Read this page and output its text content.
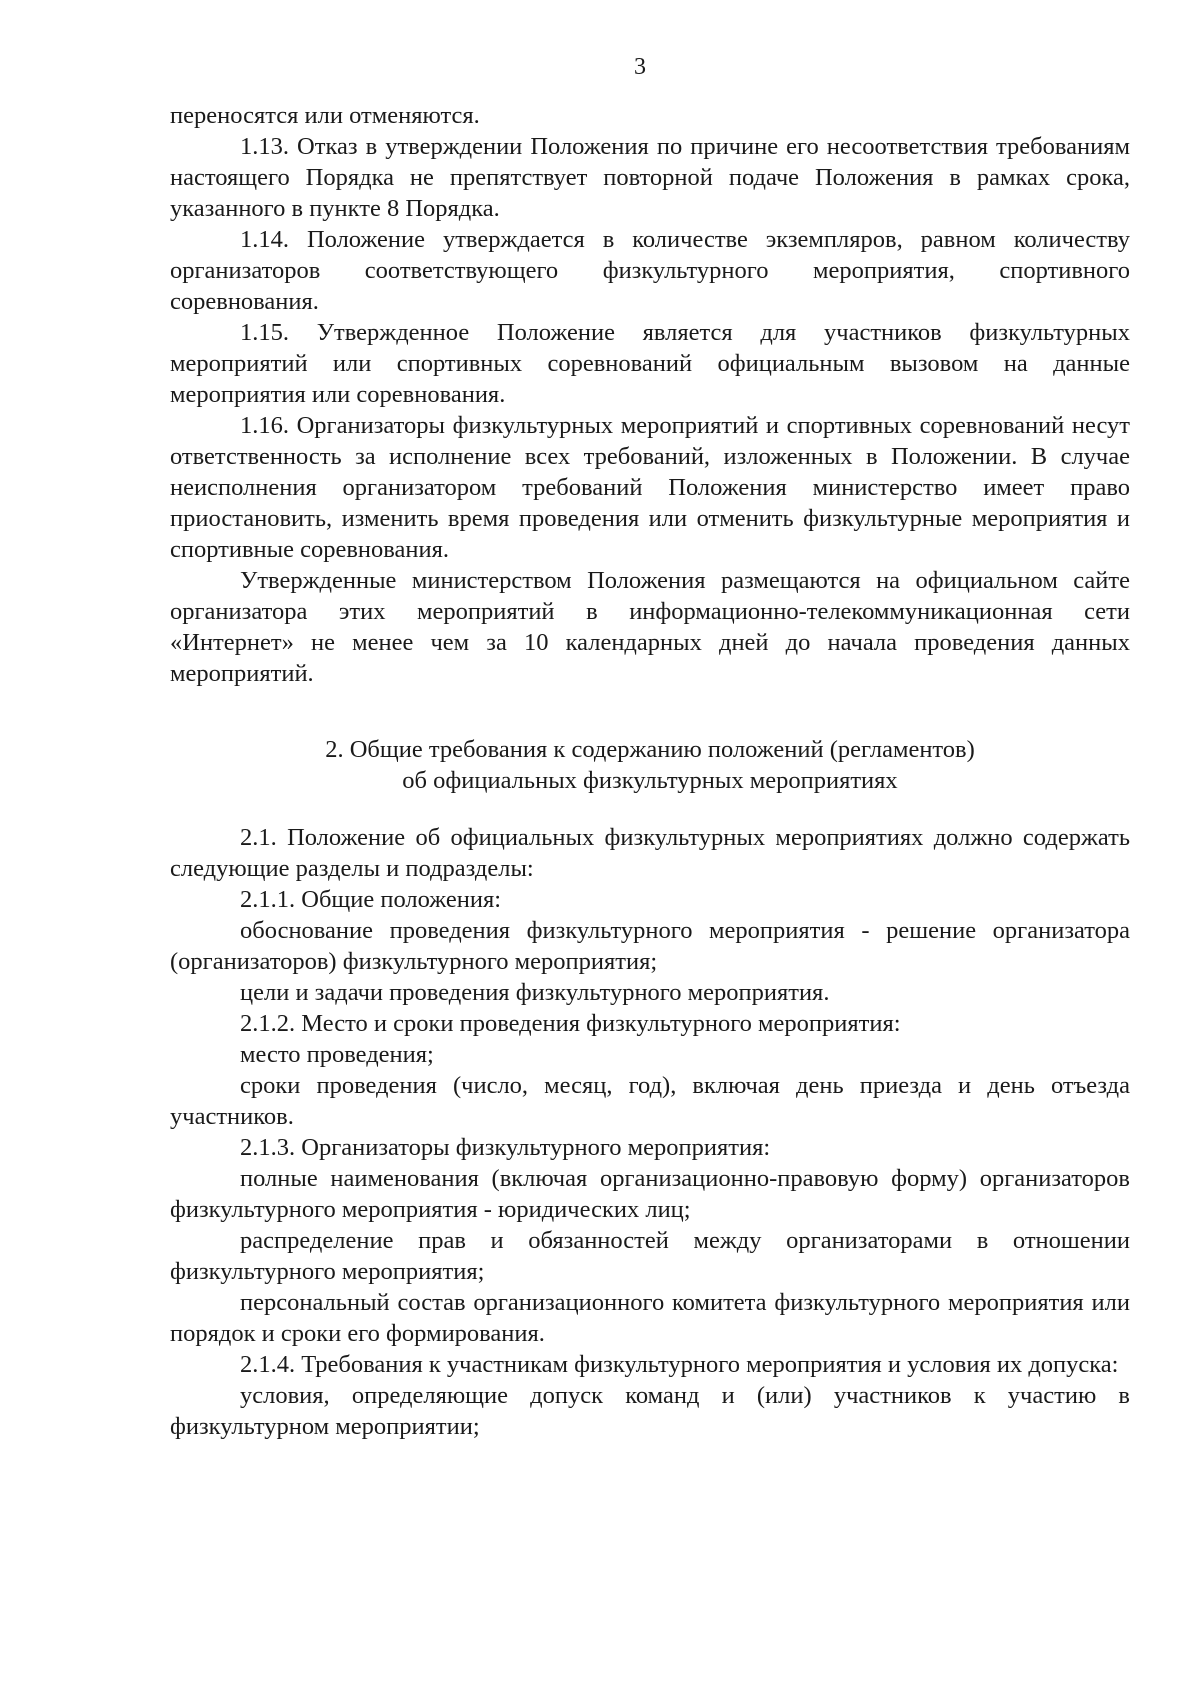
3

переносятся или отменяются.

1.13. Отказ в утверждении Положения по причине его несоответствия требованиям настоящего Порядка не препятствует повторной подаче Положения в рамках срока, указанного в пункте 8 Порядка.

1.14. Положение утверждается в количестве экземпляров, равном количеству организаторов соответствующего физкультурного мероприятия, спортивного соревнования.

1.15. Утвержденное Положение является для участников физкультурных мероприятий или спортивных соревнований официальным вызовом на данные мероприятия или соревнования.

1.16. Организаторы физкультурных мероприятий и спортивных соревнований несут ответственность за исполнение всех требований, изложенных в Положении. В случае неисполнения организатором требований Положения министерство имеет право приостановить, изменить время проведения или отменить физкультурные мероприятия и спортивные соревнования.

Утвержденные министерством Положения размещаются на официальном сайте организатора этих мероприятий в информационно-телекоммуникационная сети «Интернет» не менее чем за 10 календарных дней до начала проведения данных мероприятий.

2. Общие требования к содержанию положений (регламентов)

об официальных физкультурных мероприятиях

2.1. Положение об официальных физкультурных мероприятиях должно содержать следующие разделы и подразделы:

2.1.1. Общие положения:

обоснование проведения физкультурного мероприятия - решение организатора (организаторов) физкультурного мероприятия;

цели и задачи проведения физкультурного мероприятия.

2.1.2. Место и сроки проведения физкультурного мероприятия:

место проведения;

сроки проведения (число, месяц, год), включая день приезда и день отъезда участников.

2.1.3. Организаторы физкультурного мероприятия:

полные наименования (включая организационно-правовую форму) организаторов физкультурного мероприятия - юридических лиц;

распределение прав и обязанностей между организаторами в отношении физкультурного мероприятия;

персональный состав организационного комитета физкультурного мероприятия или порядок и сроки его формирования.

2.1.4. Требования к участникам физкультурного мероприятия и условия их допуска:

условия, определяющие допуск команд и (или) участников к участию в физкультурном мероприятии;
